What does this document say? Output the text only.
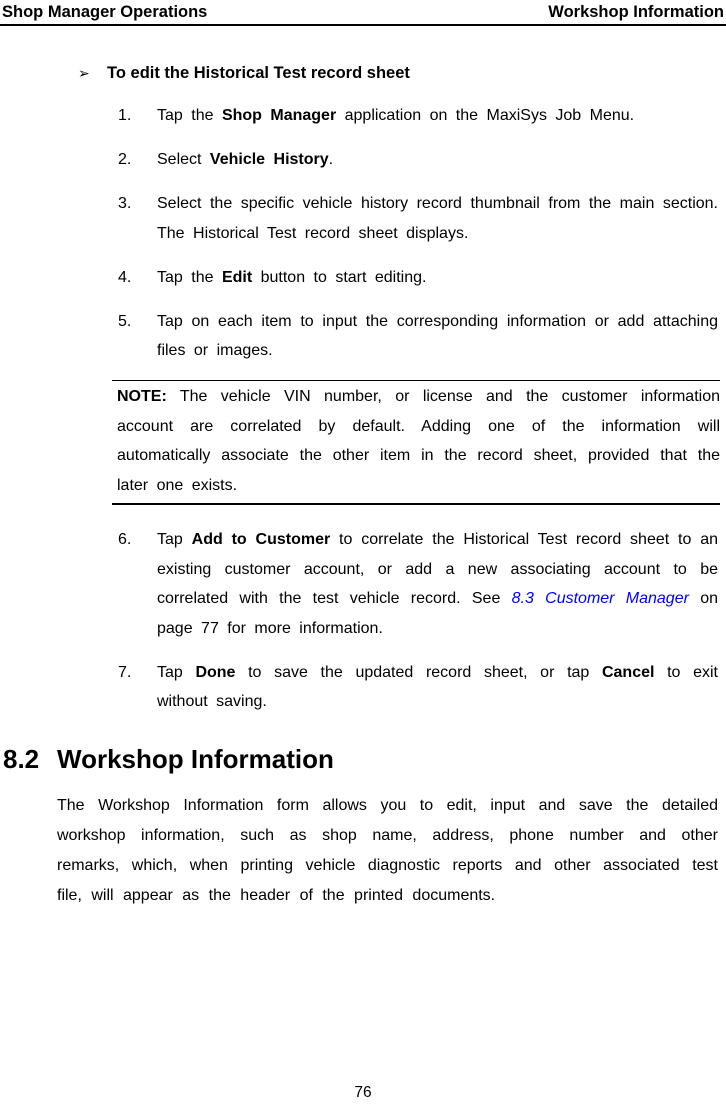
Shop Manager Operations	Workshop Information
➢ To edit the Historical Test record sheet
1.	Tap the Shop Manager application on the MaxiSys Job Menu.
2.	Select Vehicle History.
3.	Select the specific vehicle history record thumbnail from the main section. The Historical Test record sheet displays.
4.	Tap the Edit button to start editing.
5.	Tap on each item to input the corresponding information or add attaching files or images.
NOTE: The vehicle VIN number, or license and the customer information account are correlated by default. Adding one of the information will automatically associate the other item in the record sheet, provided that the later one exists.
6.	Tap Add to Customer to correlate the Historical Test record sheet to an existing customer account, or add a new associating account to be correlated with the test vehicle record. See 8.3 Customer Manager on page 77 for more information.
7.	Tap Done to save the updated record sheet, or tap Cancel to exit without saving.
8.2 Workshop Information

The Workshop Information form allows you to edit, input and save the detailed workshop information, such as shop name, address, phone number and other remarks, which, when printing vehicle diagnostic reports and other associated test file, will appear as the header of the printed documents.

76
